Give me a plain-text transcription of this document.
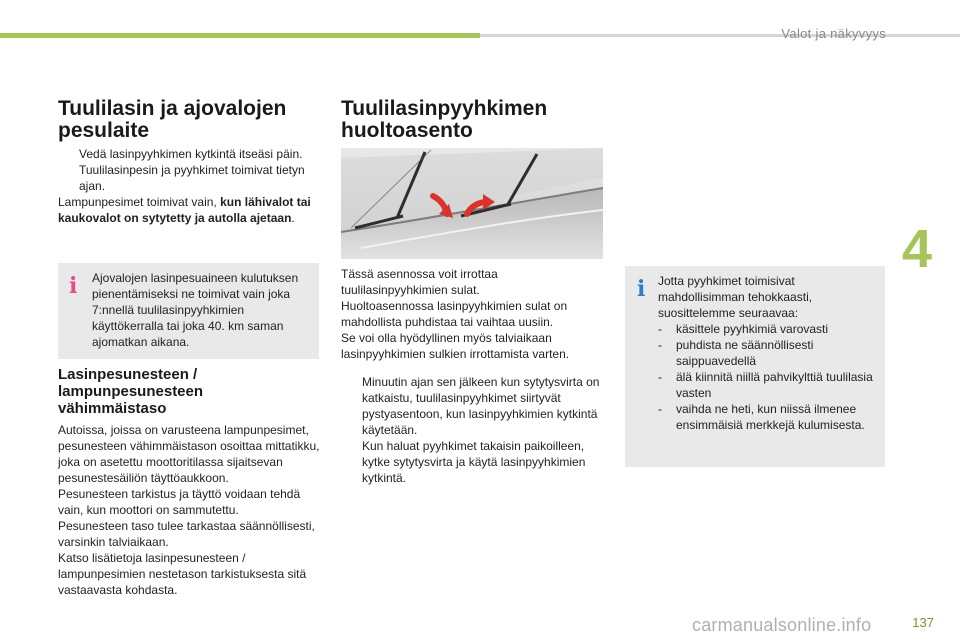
Valot ja näkyvyys
4
Tuulilasin ja ajovalojen pesulaite
Vedä lasinpyyhkimen kytkintä itseäsi päin. Tuulilasinpesin ja pyyhkimet toimivat tietyn ajan.
Lampunpesimet toimivat vain, kun lähivalot tai kaukovalot on sytytetty ja autolla ajetaan.
i Ajovalojen lasinpesuaineen kulutuksen pienentämiseksi ne toimivat vain joka 7:nnellä tuulilasinpyyhkimien käyttökerralla tai joka 40. km saman ajomatkan aikana.
Lasinpesunesteen /
lampunpesunesteen
vähimmäistaso
Autoissa, joissa on varusteena lampunpesimet, pesunesteen vähimmäistason osoittaa mittatikku, joka on asetettu moottoritilassa sijaitsevan pesunestesäiliön täyttöaukkoon.
Pesunesteen tarkistus ja täyttö voidaan tehdä vain, kun moottori on sammutettu.
Pesunesteen taso tulee tarkastaa säännöllisesti, varsinkin talviaikaan.
Katso lisätietoja lasinpesunesteen / lampunpesimien nestetason tarkistuksesta sitä vastaavasta kohdasta.
Tuulilasinpyyhkimen huoltoasento
Tässä asennossa voit irrottaa tuulilasinpyyhkimien sulat.
Huoltoasennossa lasinpyyhkimien sulat on mahdollista puhdistaa tai vaihtaa uusiin.
Se voi olla hyödyllinen myös talviaikaan lasinpyyhkimien sulkien irrottamista varten.
Minuutin ajan sen jälkeen kun sytytysvirta on katkaistu, tuulilasinpyyhkimet siirtyvät pystyasentoon, kun lasinpyyhkimien kytkintä käytetään.
Kun haluat pyyhkimet takaisin paikoilleen, kytke sytytysvirta ja käytä lasinpyyhkimien kytkintä.
i Jotta pyyhkimet toimisivat mahdollisimman tehokkaasti, suosittelemme seuraavaa:
- käsittele pyyhkimiä varovasti
- puhdista ne säännöllisesti saippuavedellä
- älä kiinnitä niillä pahvikylttiä tuulilasia vasten
- vaihda ne heti, kun niissä ilmenee ensimmäisiä merkkejä kulumisesta.
137
carmanualsonline.info
